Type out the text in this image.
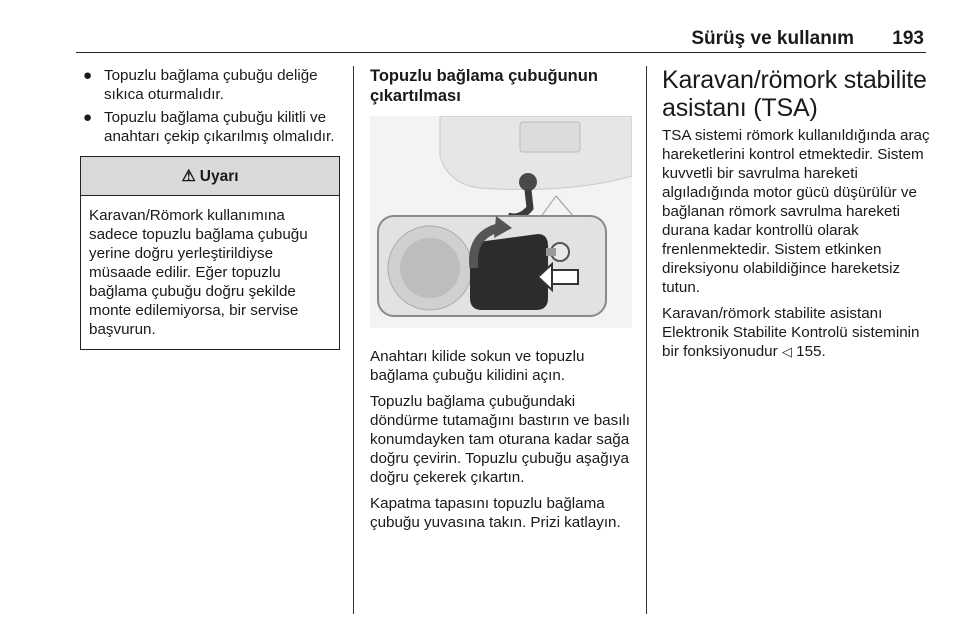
Sürüş ve kullanım 193
● Topuzlu bağlama çubuğu deliğe sıkıca oturmalıdır.
● Topuzlu bağlama çubuğu kilitli ve anahtarı çekip çıkarılmış olmalıdır.
⚠ Uyarı
Karavan/Römork kullanımına sadece topuzlu bağlama çubuğu yerine doğru yerleştirildiyse müsaade edilir. Eğer topuzlu bağlama çubuğu doğru şekilde monte edilemiyorsa, bir servise başvurun.
Topuzlu bağlama çubuğunun çıkartılması

Anahtarı kilide sokun ve topuzlu bağlama çubuğu kilidini açın.

Topuzlu bağlama çubuğundaki döndürme tutamağını bastırın ve basılı konumdayken tam oturana kadar sağa doğru çevirin. Topuzlu çubuğu aşağıya doğru çekerek çıkartın.

Kapatma tapasını topuzlu bağlama çubuğu yuvasına takın. Prizi katlayın.

Karavan/römork stabilite asistanı (TSA)

TSA sistemi römork kullanıldığında araç hareketlerini kontrol etmektedir. Sistem kuvvetli bir savrulma hareketi algıladığında motor gücü düşürülür ve bağlanan römork savrulma hareketi durana kadar kontrollü olarak frenlenmektedir. Sistem etkinken direksiyonu olabildiğince hareketsiz tutun.

Karavan/römork stabilite asistanı Elektronik Stabilite Kontrolü sisteminin bir fonksiyonudur ◁ 155.
